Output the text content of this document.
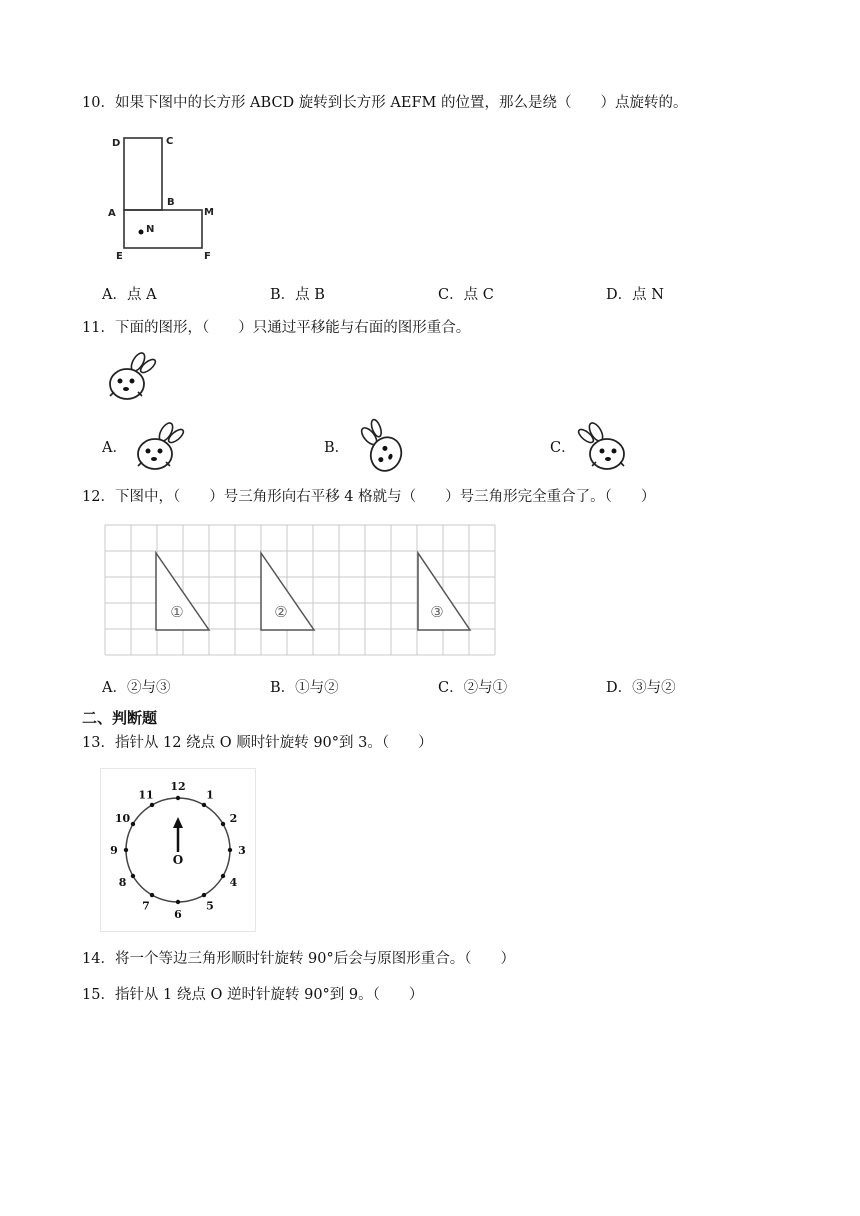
10．如果下图中的长方形 ABCD 旋转到长方形 AEFM 的位置，那么是绕（　　）点旋转的。
D	C
A
B
M
N
E	F
A．点 A	B．点 B	C．点 C	D．点 N
11．下面的图形，（　　）只通过平移能与右面的图形重合。
A．	B．	C．
12．下图中，（　　）号三角形向右平移 4 格就与（　　）号三角形完全重合了。（　　）
①	②	③
A．②与③	B．①与②	C．②与①	D．③与②
二、判断题
13．指针从 12 绕点 O 顺时针旋转 90°到 3。（　　）
12
1
2
3
4
5
6
7
8
9
10
11
O
14．将一个等边三角形顺时针旋转 90°后会与原图形重合。（　　）
15．指针从 1 绕点 O 逆时针旋转 90°到 9。（　　）
